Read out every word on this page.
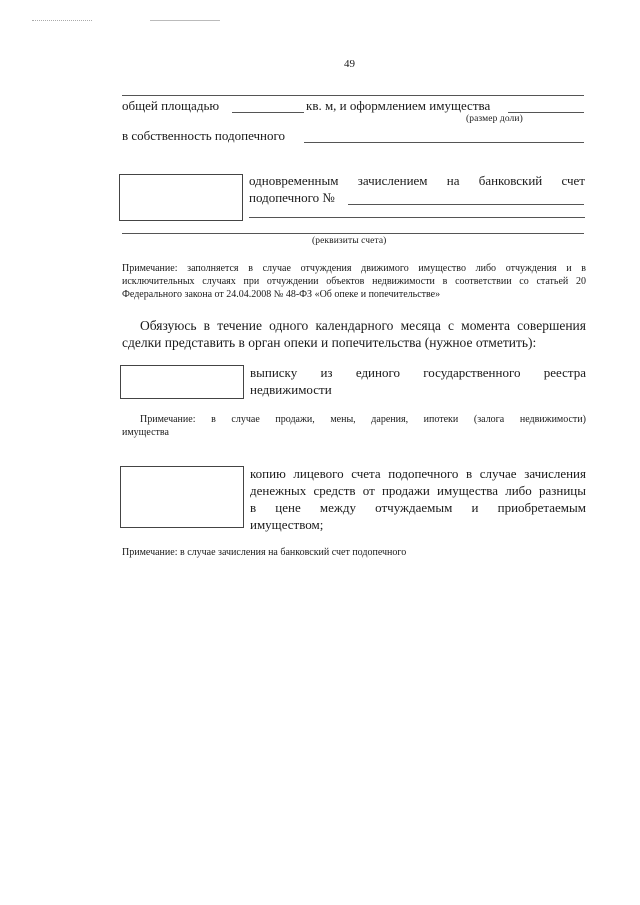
49
общей площадью	кв. м, и оформлением имущества
(размер доли)
в собственность подопечного
одновременным зачислением на банковский счет
подопечного №
(реквизиты счета)
Примечание: заполняется в случае отчуждения движимого имущество либо отчуждения и в исключительных случаях при отчуждении объектов недвижимости в соответствии со статьей 20 Федерального закона от 24.04.2008 № 48-ФЗ «Об опеке и попечительстве»
Обязуюсь в течение одного календарного месяца с момента совершения
сделки представить в орган опеки и попечительства (нужное отметить):
выписку из единого государственного реестра
недвижимости
Примечание: в случае продажи, мены, дарения, ипотеки (залога недвижимости)
имущества
копию лицевого счета подопечного в случае зачисления
денежных средств от продажи имущества либо разницы
в цене между отчуждаемым и приобретаемым
имуществом;
Примечание: в случае зачисления на банковский счет подопечного
